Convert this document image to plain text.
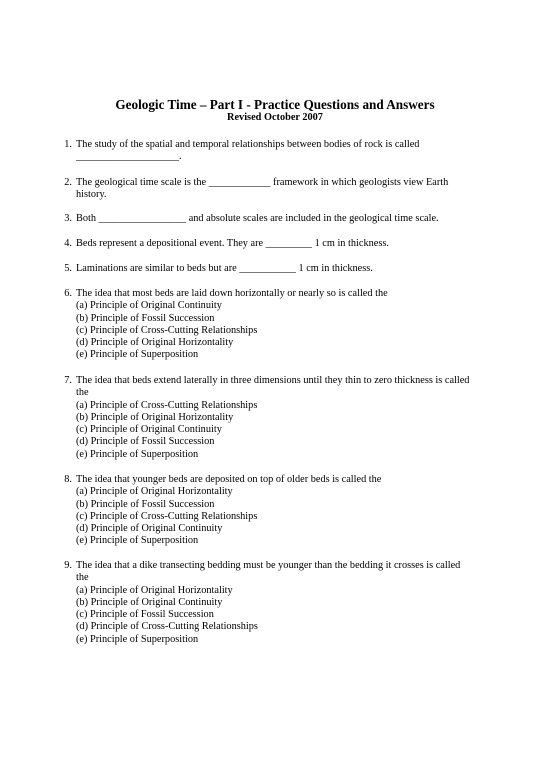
Geologic Time – Part I - Practice Questions and Answers
Revised October 2007
1. The study of the spatial and temporal relationships between bodies of rock is called
____________________.
2. The geological time scale is the ____________ framework in which geologists view Earth
history.
3. Both _________________ and absolute scales are included in the geological time scale.
4. Beds represent a depositional event. They are _________ 1 cm in thickness.
5. Laminations are similar to beds but are ___________ 1 cm in thickness.
6. The idea that most beds are laid down horizontally or nearly so is called the
(a) Principle of Original Continuity
(b) Principle of Fossil Succession
(c) Principle of Cross-Cutting Relationships
(d) Principle of Original Horizontality
(e) Principle of Superposition
7. The idea that beds extend laterally in three dimensions until they thin to zero thickness is called
the
(a) Principle of Cross-Cutting Relationships
(b) Principle of Original Horizontality
(c) Principle of Original Continuity
(d) Principle of Fossil Succession
(e) Principle of Superposition
8. The idea that younger beds are deposited on top of older beds is called the
(a) Principle of Original Horizontality
(b) Principle of Fossil Succession
(c) Principle of Cross-Cutting Relationships
(d) Principle of Original Continuity
(e) Principle of Superposition
9. The idea that a dike transecting bedding must be younger than the bedding it crosses is called
the
(a) Principle of Original Horizontality
(b) Principle of Original Continuity
(c) Principle of Fossil Succession
(d) Principle of Cross-Cutting Relationships
(e) Principle of Superposition
